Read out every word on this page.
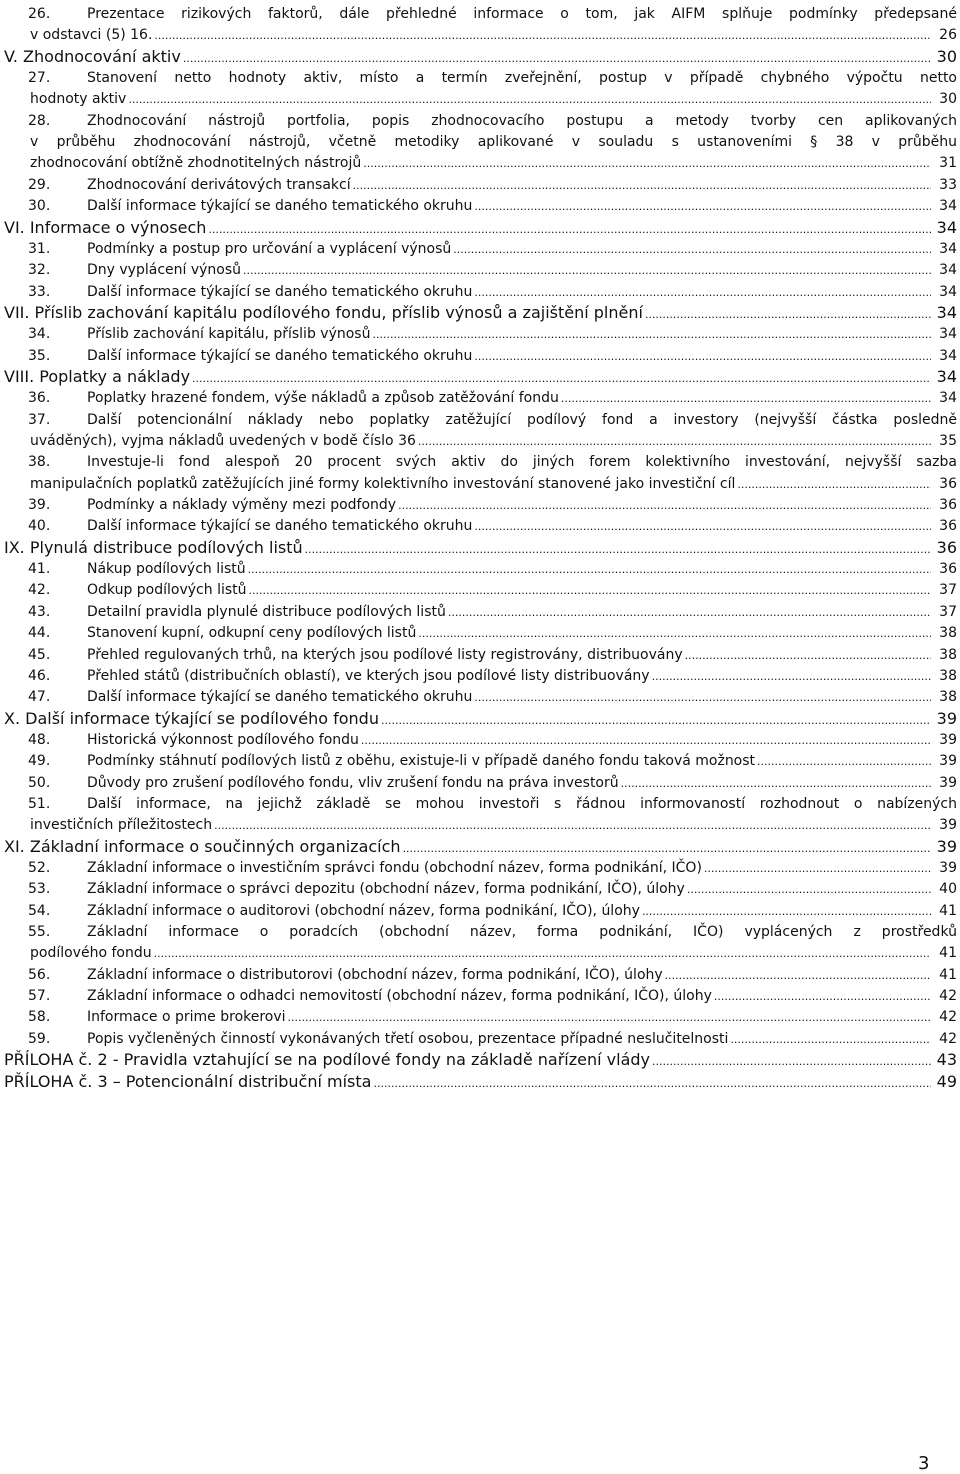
26.	Prezentace rizikových faktorů, dále přehledné informace o tom, jak AIFM splňuje podmínky předepsané
v odstavci (5) 16. .....	26
V. Zhodnocování aktiv .....	30
27.	Stanovení netto hodnoty aktiv, místo a termín zveřejnění, postup v případě chybného výpočtu netto
hodnoty aktiv .....	30
28.	Zhodnocování nástrojů portfolia, popis zhodnocovacího postupu a metody tvorby cen aplikovaných
v průběhu zhodnocování nástrojů, včetně metodiky aplikované v souladu s ustanoveními § 38 v průběhu
zhodnocování obtížně zhodnotitelných nástrojů .....	31
29.	Zhodnocování derivátových transakcí .....	33
30.	Další informace týkající se daného tematického okruhu .....	34
VI. Informace o výnosech .....	34
31.	Podmínky a postup pro určování a vyplácení výnosů .....	34
32.	Dny vyplácení výnosů .....	34
33.	Další informace týkající se daného tematického okruhu .....	34
VII. Příslib zachování kapitálu podílového fondu, příslib výnosů a zajištění plnění .....	34
34.	Příslib zachování kapitálu, příslib výnosů .....	34
35.	Další informace týkající se daného tematického okruhu .....	34
VIII. Poplatky a náklady .....	34
36.	Poplatky hrazené fondem, výše nákladů a způsob zatěžování fondu .....	34
37.	Další potencionální náklady nebo poplatky zatěžující podílový fond a investory (nejvyšší částka posledně
uváděných), vyjma nákladů uvedených v bodě číslo 36 .....	35
38.	Investuje-li fond alespoň 20 procent svých aktiv do jiných forem kolektivního investování, nejvyšší sazba
manipulačních poplatků zatěžujících jiné formy kolektivního investování stanovené jako investiční cíl .....	36
39.	Podmínky a náklady výměny mezi podfondy .....	36
40.	Další informace týkající se daného tematického okruhu .....	36
IX. Plynulá distribuce podílových listů .....	36
41.	Nákup podílových listů .....	36
42.	Odkup podílových listů .....	37
43.	Detailní pravidla plynulé distribuce podílových listů .....	37
44.	Stanovení kupní, odkupní ceny podílových listů .....	38
45.	Přehled regulovaných trhů, na kterých jsou podílové listy registrovány, distribuovány .....	38
46.	Přehled států (distribučních oblastí), ve kterých jsou podílové listy distribuovány .....	38
47.	Další informace týkající se daného tematického okruhu .....	38
X. Další informace týkající se podílového fondu .....	39
48.	Historická výkonnost podílového fondu .....	39
49.	Podmínky stáhnutí podílových listů z oběhu, existuje-li v případě daného fondu taková možnost .....	39
50.	Důvody pro zrušení podílového fondu, vliv zrušení fondu na práva investorů .....	39
51.	Další informace, na jejichž základě se mohou investoři s řádnou informovaností rozhodnout o nabízených
investičních příležitostech .....	39
XI. Základní informace o součinných organizacích .....	39
52.	Základní informace o investičním správci fondu (obchodní název, forma podnikání, IČO) .....	39
53.	Základní informace o správci depozitu (obchodní název, forma podnikání, IČO), úlohy .....	40
54.	Základní informace o auditorovi (obchodní název, forma podnikání, IČO), úlohy .....	41
55.	Základní informace o poradcích (obchodní název, forma podnikání, IČO) vyplácených z prostředků
podílového fondu .....	41
56.	Základní informace o distributorovi (obchodní název, forma podnikání, IČO), úlohy .....	41
57.	Základní informace o odhadci nemovitostí (obchodní název, forma podnikání, IČO), úlohy .....	42
58.	Informace o prime brokerovi .....	42
59.	Popis vyčleněných činností vykonávaných třetí osobou, prezentace případné neslučitelnosti .....	42
PŘÍLOHA č. 2 - Pravidla vztahující se na podílové fondy na základě nařízení vlády .....	43
PŘÍLOHA č. 3 – Potencionální distribuční místa .....	49
3
